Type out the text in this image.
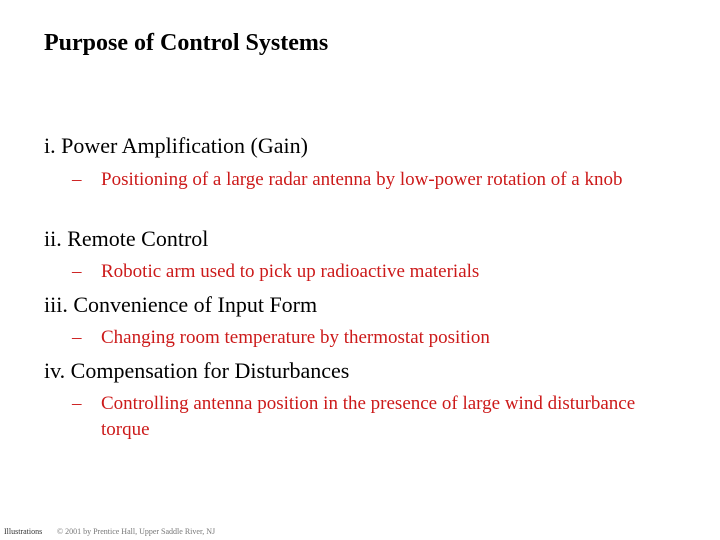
Purpose of Control Systems
i. Power Amplification (Gain)
– Positioning of a large radar antenna by low-power rotation of a knob
ii. Remote Control
– Robotic arm used to pick up radioactive materials
iii. Convenience of Input Form
– Changing room temperature by thermostat position
iv. Compensation for Disturbances
– Controlling antenna position in the presence of large wind disturbance torque
Illustrations © 2001 by Prentice Hall, Upper Saddle River, NJ
